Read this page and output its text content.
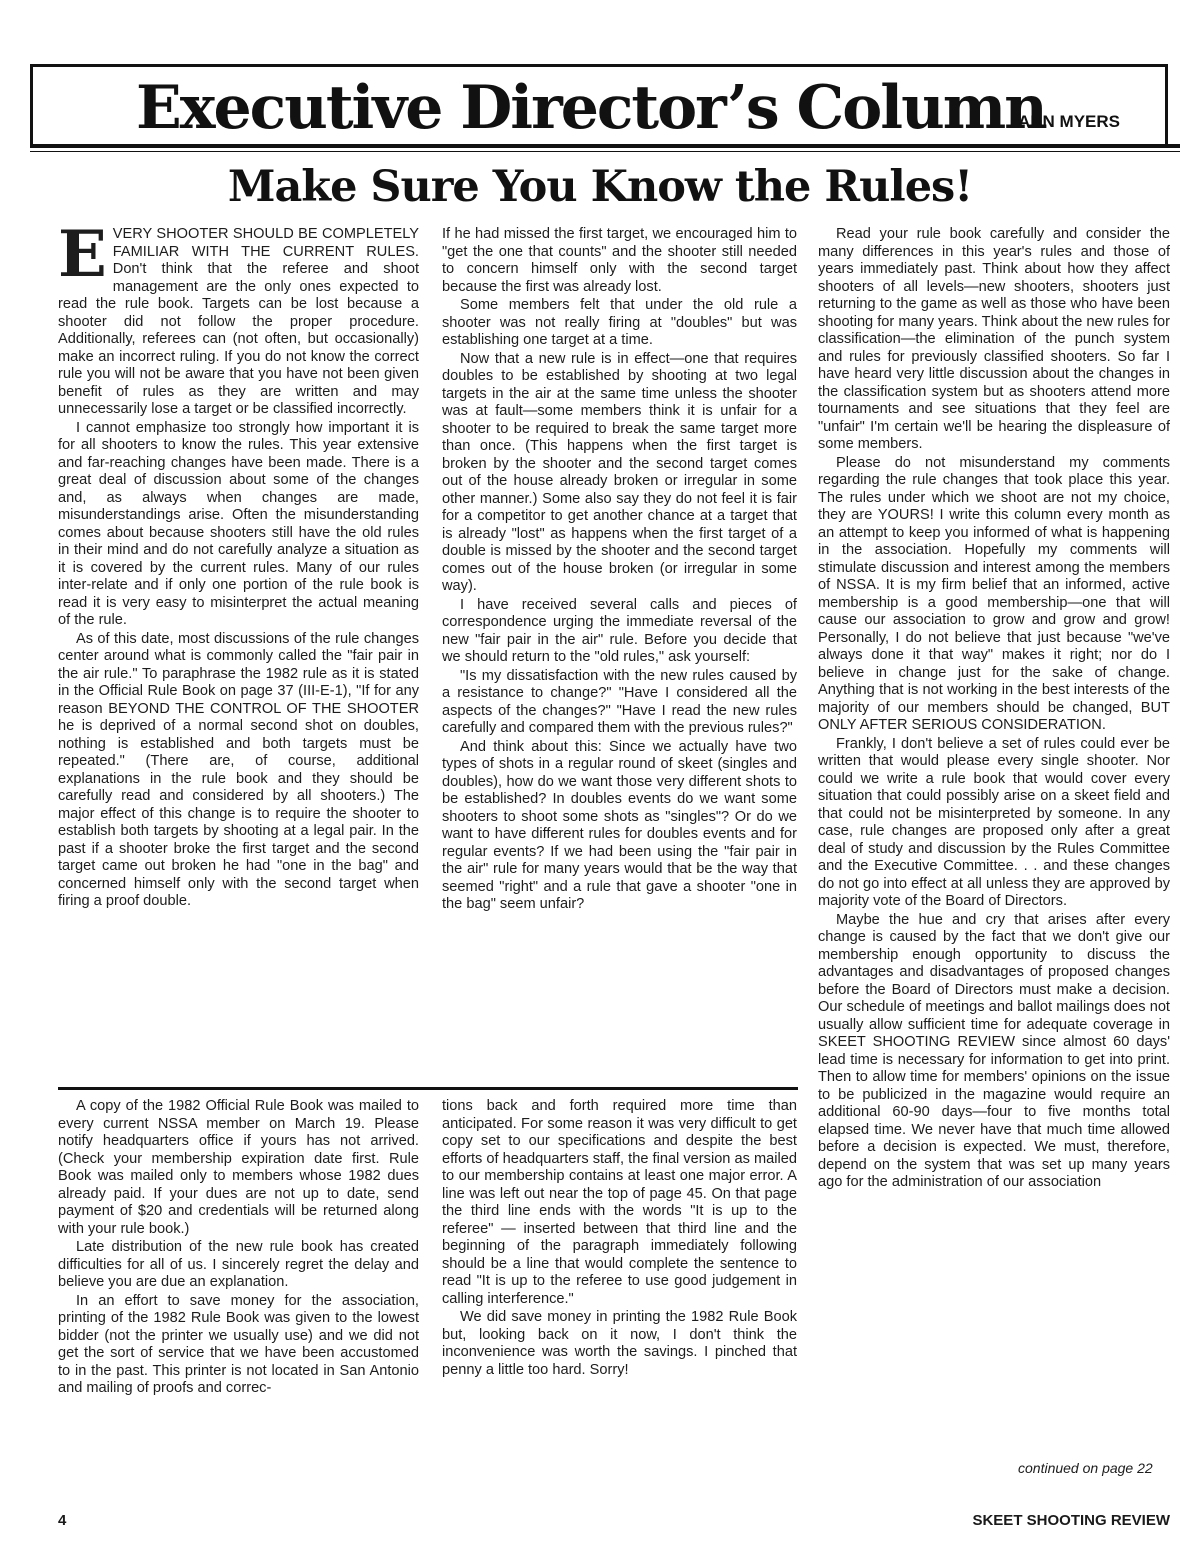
Executive Director’s Column
ANN MYERS
Make Sure You Know the Rules!

EVERY SHOOTER SHOULD BE COMPLETELY FAMILIAR WITH THE CURRENT RULES. Don't think that the referee and shoot management are the only ones expected to read the rule book. Targets can be lost because a shooter did not follow the proper procedure. Additionally, referees can (not often, but occasionally) make an incorrect ruling. If you do not know the correct rule you will not be aware that you have not been given benefit of rules as they are written and may unnecessarily lose a target or be classified incorrectly.

I cannot emphasize too strongly how important it is for all shooters to know the rules. This year extensive and far-reaching changes have been made. There is a great deal of discussion about some of the changes and, as always when changes are made, misunderstandings arise. Often the misunderstanding comes about because shooters still have the old rules in their mind and do not carefully analyze a situation as it is covered by the current rules. Many of our rules inter-relate and if only one portion of the rule book is read it is very easy to misinterpret the actual meaning of the rule.

As of this date, most discussions of the rule changes center around what is commonly called the "fair pair in the air rule." To paraphrase the 1982 rule as it is stated in the Official Rule Book on page 37 (III-E-1), "If for any reason BEYOND THE CONTROL OF THE SHOOTER he is deprived of a normal second shot on doubles, nothing is established and both targets must be repeated." (There are, of course, additional explanations in the rule book and they should be carefully read and considered by all shooters.) The major effect of this change is to require the shooter to establish both targets by shooting at a legal pair. In the past if a shooter broke the first target and the second target came out broken he had "one in the bag" and concerned himself only with the second target when firing a proof double.

If he had missed the first target, we encouraged him to "get the one that counts" and the shooter still needed to concern himself only with the second target because the first was already lost.

Some members felt that under the old rule a shooter was not really firing at "doubles" but was establishing one target at a time.

Now that a new rule is in effect—one that requires doubles to be established by shooting at two legal targets in the air at the same time unless the shooter was at fault—some members think it is unfair for a shooter to be required to break the same target more than once. (This happens when the first target is broken by the shooter and the second target comes out of the house already broken or irregular in some other manner.) Some also say they do not feel it is fair for a competitor to get another chance at a target that is already "lost" as happens when the first target of a double is missed by the shooter and the second target comes out of the house broken (or irregular in some way).

I have received several calls and pieces of correspondence urging the immediate reversal of the new "fair pair in the air" rule. Before you decide that we should return to the "old rules," ask yourself:

"Is my dissatisfaction with the new rules caused by a resistance to change?" "Have I considered all the aspects of the changes?" "Have I read the new rules carefully and compared them with the previous rules?"

And think about this: Since we actually have two types of shots in a regular round of skeet (singles and doubles), how do we want those very different shots to be established? In doubles events do we want some shooters to shoot some shots as "singles"? Or do we want to have different rules for doubles events and for regular events? If we had been using the "fair pair in the air" rule for many years would that be the way that seemed "right" and a rule that gave a shooter "one in the bag" seem unfair?

Read your rule book carefully and consider the many differences in this year's rules and those of years immediately past. Think about how they affect shooters of all levels—new shooters, shooters just returning to the game as well as those who have been shooting for many years. Think about the new rules for classification—the elimination of the punch system and rules for previously classified shooters. So far I have heard very little discussion about the changes in the classification system but as shooters attend more tournaments and see situations that they feel are "unfair" I'm certain we'll be hearing the displeasure of some members.

Please do not misunderstand my comments regarding the rule changes that took place this year. The rules under which we shoot are not my choice, they are YOURS! I write this column every month as an attempt to keep you informed of what is happening in the association. Hopefully my comments will stimulate discussion and interest among the members of NSSA. It is my firm belief that an informed, active membership is a good membership—one that will cause our association to grow and grow and grow! Personally, I do not believe that just because "we've always done it that way" makes it right; nor do I believe in change just for the sake of change. Anything that is not working in the best interests of the majority of our members should be changed, BUT ONLY AFTER SERIOUS CONSIDERATION.

Frankly, I don't believe a set of rules could ever be written that would please every single shooter. Nor could we write a rule book that would cover every situation that could possibly arise on a skeet field and that could not be misinterpreted by someone. In any case, rule changes are proposed only after a great deal of study and discussion by the Rules Committee and the Executive Committee. . . and these changes do not go into effect at all unless they are approved by majority vote of the Board of Directors.

Maybe the hue and cry that arises after every change is caused by the fact that we don't give our membership enough opportunity to discuss the advantages and disadvantages of proposed changes before the Board of Directors must make a decision. Our schedule of meetings and ballot mailings does not usually allow sufficient time for adequate coverage in SKEET SHOOTING REVIEW since almost 60 days' lead time is necessary for information to get into print. Then to allow time for members' opinions on the issue to be publicized in the magazine would require an additional 60-90 days—four to five months total elapsed time. We never have that much time allowed before a decision is expected. We must, therefore, depend on the system that was set up many years ago for the administration of our association

A copy of the 1982 Official Rule Book was mailed to every current NSSA member on March 19. Please notify headquarters office if yours has not arrived. (Check your membership expiration date first. Rule Book was mailed only to members whose 1982 dues already paid. If your dues are not up to date, send payment of $20 and credentials will be returned along with your rule book.)

Late distribution of the new rule book has created difficulties for all of us. I sincerely regret the delay and believe you are due an explanation.

In an effort to save money for the association, printing of the 1982 Rule Book was given to the lowest bidder (not the printer we usually use) and we did not get the sort of service that we have been accustomed to in the past. This printer is not located in San Antonio and mailing of proofs and correc-

tions back and forth required more time than anticipated. For some reason it was very difficult to get copy set to our specifications and despite the best efforts of headquarters staff, the final version as mailed to our membership contains at least one major error. A line was left out near the top of page 45. On that page the third line ends with the words "It is up to the referee" — inserted between that third line and the beginning of the paragraph immediately following should be a line that would complete the sentence to read "It is up to the referee to use good judgement in calling interference."

We did save money in printing the 1982 Rule Book but, looking back on it now, I don't think the inconvenience was worth the savings. I pinched that penny a little too hard. Sorry!

continued on page 22
4	SKEET SHOOTING REVIEW
